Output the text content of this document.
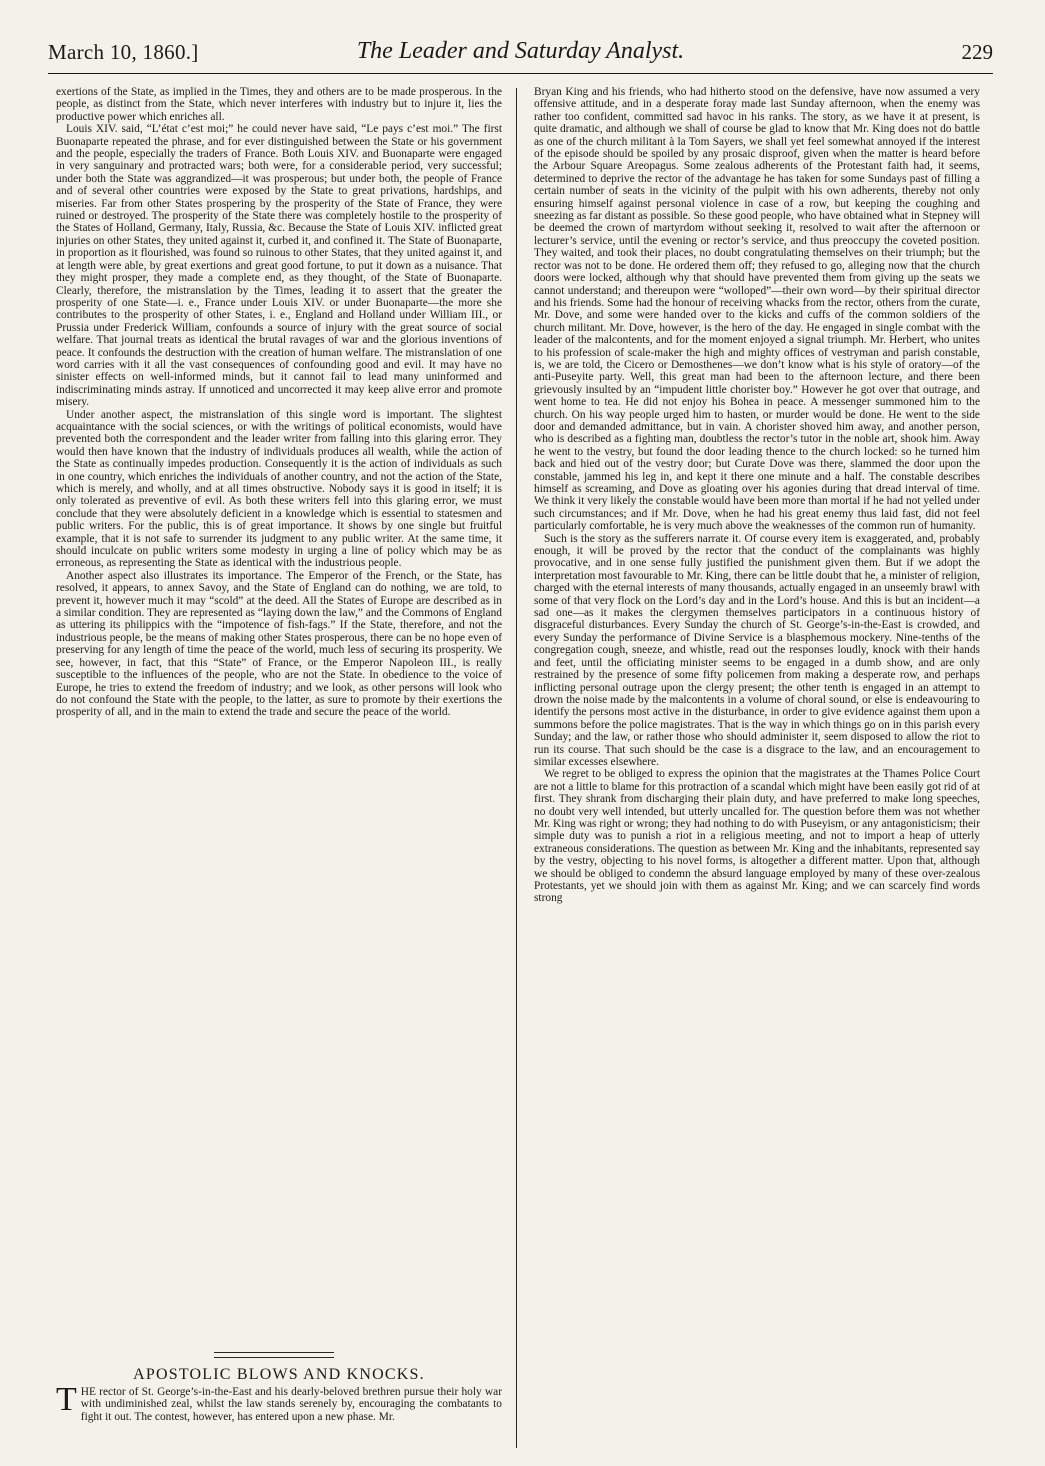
March 10, 1860.]	The Leader and Saturday Analyst.	229

exertions of the State, as implied in the Times, they and others are to be made prosperous. In the people, as distinct from the State, which never interferes with industry but to injure it, lies the productive power which enriches all.

Louis XIV. said, “L’état c’est moi;” he could never have said, “Le pays c’est moi.” The first Buonaparte repeated the phrase, and for ever distinguished between the State or his government and the people, especially the traders of France. Both Louis XIV. and Buonaparte were engaged in very sanguinary and protracted wars; both were, for a considerable period, very successful; under both the State was aggrandized—it was prosperous; but under both, the people of France and of several other countries were exposed by the State to great privations, hardships, and miseries. Far from other States prospering by the prosperity of the State of France, they were ruined or destroyed. The prosperity of the State there was completely hostile to the prosperity of the States of Holland, Germany, Italy, Russia, &c. Because the State of Louis XIV. inflicted great injuries on other States, they united against it, curbed it, and confined it. The State of Buonaparte, in proportion as it flourished, was found so ruinous to other States, that they united against it, and at length were able, by great exertions and great good fortune, to put it down as a nuisance. That they might prosper, they made a complete end, as they thought, of the State of Buonaparte. Clearly, therefore, the mistranslation by the Times, leading it to assert that the greater the prosperity of one State—i. e., France under Louis XIV. or under Buonaparte—the more she contributes to the prosperity of other States, i. e., England and Holland under William III., or Prussia under Frederick William, confounds a source of injury with the great source of social welfare. That journal treats as identical the brutal ravages of war and the glorious inventions of peace. It confounds the destruction with the creation of human welfare. The mistranslation of one word carries with it all the vast consequences of confounding good and evil. It may have no sinister effects on well-informed minds, but it cannot fail to lead many uninformed and indiscriminating minds astray. If unnoticed and uncorrected it may keep alive error and promote misery.

Under another aspect, the mistranslation of this single word is important. The slightest acquaintance with the social sciences, or with the writings of political economists, would have prevented both the correspondent and the leader writer from falling into this glaring error. They would then have known that the industry of individuals produces all wealth, while the action of the State as continually impedes production. Consequently it is the action of individuals as such in one country, which enriches the individuals of another country, and not the action of the State, which is merely, and wholly, and at all times obstructive. Nobody says it is good in itself; it is only tolerated as preventive of evil. As both these writers fell into this glaring error, we must conclude that they were absolutely deficient in a knowledge which is essential to statesmen and public writers. For the public, this is of great importance. It shows by one single but fruitful example, that it is not safe to surrender its judgment to any public writer. At the same time, it should inculcate on public writers some modesty in urging a line of policy which may be as erroneous, as representing the State as identical with the industrious people.

Another aspect also illustrates its importance. The Emperor of the French, or the State, has resolved, it appears, to annex Savoy, and the State of England can do nothing, we are told, to prevent it, however much it may “scold” at the deed. All the States of Europe are described as in a similar condition. They are represented as “laying down the law,” and the Commons of England as uttering its philippics with the “impotence of fish-fags.” If the State, therefore, and not the industrious people, be the means of making other States prosperous, there can be no hope even of preserving for any length of time the peace of the world, much less of securing its prosperity. We see, however, in fact, that this “State” of France, or the Emperor Napoleon III., is really susceptible to the influences of the people, who are not the State. In obedience to the voice of Europe, he tries to extend the freedom of industry; and we look, as other persons will look who do not confound the State with the people, to the latter, as sure to promote by their exertions the prosperity of all, and in the main to extend the trade and secure the peace of the world.

APOSTOLIC BLOWS AND KNOCKS.
THE rector of St. George’s-in-the-East and his dearly-beloved brethren pursue their holy war with undiminished zeal, whilst the law stands serenely by, encouraging the combatants to fight it out. The contest, however, has entered upon a new phase. Mr.

Bryan King and his friends, who had hitherto stood on the defensive, have now assumed a very offensive attitude, and in a desperate foray made last Sunday afternoon, when the enemy was rather too confident, committed sad havoc in his ranks. The story, as we have it at present, is quite dramatic, and although we shall of course be glad to know that Mr. King does not do battle as one of the church militant à la Tom Sayers, we shall yet feel somewhat annoyed if the interest of the episode should be spoiled by any prosaic disproof, given when the matter is heard before the Arbour Square Areopagus. Some zealous adherents of the Protestant faith had, it seems, determined to deprive the rector of the advantage he has taken for some Sundays past of filling a certain number of seats in the vicinity of the pulpit with his own adherents, thereby not only ensuring himself against personal violence in case of a row, but keeping the coughing and sneezing as far distant as possible. So these good people, who have obtained what in Stepney will be deemed the crown of martyrdom without seeking it, resolved to wait after the afternoon or lecturer’s service, until the evening or rector’s service, and thus preoccupy the coveted position. They waited, and took their places, no doubt congratulating themselves on their triumph; but the rector was not to be done. He ordered them off; they refused to go, alleging now that the church doors were locked, although why that should have prevented them from giving up the seats we cannot understand; and thereupon were “wolloped”—their own word—by their spiritual director and his friends. Some had the honour of receiving whacks from the rector, others from the curate, Mr. Dove, and some were handed over to the kicks and cuffs of the common soldiers of the church militant. Mr. Dove, however, is the hero of the day. He engaged in single combat with the leader of the malcontents, and for the moment enjoyed a signal triumph. Mr. Herbert, who unites to his profession of scale-maker the high and mighty offices of vestryman and parish constable, is, we are told, the Cicero or Demosthenes—we don’t know what is his style of oratory—of the anti-Puseyite party. Well, this great man had been to the afternoon lecture, and there been grievously insulted by an “impudent little chorister boy.” However he got over that outrage, and went home to tea. He did not enjoy his Bohea in peace. A messenger summoned him to the church. On his way people urged him to hasten, or murder would be done. He went to the side door and demanded admittance, but in vain. A chorister shoved him away, and another person, who is described as a fighting man, doubtless the rector’s tutor in the noble art, shook him. Away he went to the vestry, but found the door leading thence to the church locked: so he turned him back and hied out of the vestry door; but Curate Dove was there, slammed the door upon the constable, jammed his leg in, and kept it there one minute and a half. The constable describes himself as screaming, and Dove as gloating over his agonies during that dread interval of time. We think it very likely the constable would have been more than mortal if he had not yelled under such circumstances; and if Mr. Dove, when he had his great enemy thus laid fast, did not feel particularly comfortable, he is very much above the weaknesses of the common run of humanity.

Such is the story as the sufferers narrate it. Of course every item is exaggerated, and, probably enough, it will be proved by the rector that the conduct of the complainants was highly provocative, and in one sense fully justified the punishment given them. But if we adopt the interpretation most favourable to Mr. King, there can be little doubt that he, a minister of religion, charged with the eternal interests of many thousands, actually engaged in an unseemly brawl with some of that very flock on the Lord’s day and in the Lord’s house. And this is but an incident—a sad one—as it makes the clergymen themselves participators in a continuous history of disgraceful disturbances. Every Sunday the church of St. George’s-in-the-East is crowded, and every Sunday the performance of Divine Service is a blasphemous mockery. Nine-tenths of the congregation cough, sneeze, and whistle, read out the responses loudly, knock with their hands and feet, until the officiating minister seems to be engaged in a dumb show, and are only restrained by the presence of some fifty policemen from making a desperate row, and perhaps inflicting personal outrage upon the clergy present; the other tenth is engaged in an attempt to drown the noise made by the malcontents in a volume of choral sound, or else is endeavouring to identify the persons most active in the disturbance, in order to give evidence against them upon a summons before the police magistrates. That is the way in which things go on in this parish every Sunday; and the law, or rather those who should administer it, seem disposed to allow the riot to run its course. That such should be the case is a disgrace to the law, and an encouragement to similar excesses elsewhere.

We regret to be obliged to express the opinion that the magistrates at the Thames Police Court are not a little to blame for this protraction of a scandal which might have been easily got rid of at first. They shrank from discharging their plain duty, and have preferred to make long speeches, no doubt very well intended, but utterly uncalled for. The question before them was not whether Mr. King was right or wrong; they had nothing to do with Puseyism, or any antagonisticism; their simple duty was to punish a riot in a religious meeting, and not to import a heap of utterly extraneous considerations. The question as between Mr. King and the inhabitants, represented say by the vestry, objecting to his novel forms, is altogether a different matter. Upon that, although we should be obliged to condemn the absurd language employed by many of these over-zealous Protestants, yet we should join with them as against Mr. King; and we can scarcely find words strong
